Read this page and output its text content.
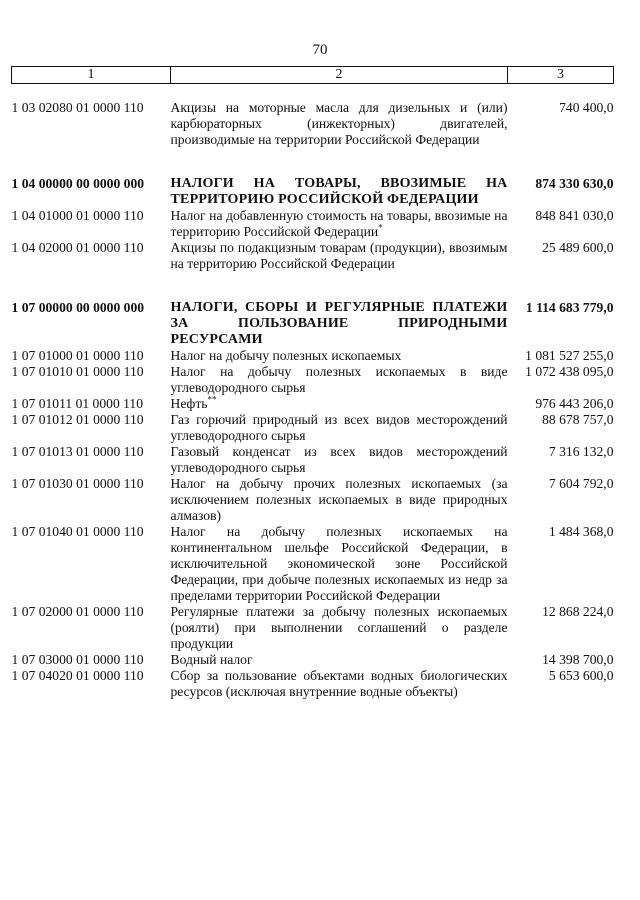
70
1	2	3

1 03 02080 01 0000 110	Акцизы на моторные масла для дизельных и (или) карбюраторных (инжекторных) двигателей, производимые на территории Российской Федерации	740 400,0

1 04 00000 00 0000 000	НАЛОГИ НА ТОВАРЫ, ВВОЗИМЫЕ НА ТЕРРИТОРИЮ РОССИЙСКОЙ ФЕДЕРАЦИИ	874 330 630,0
1 04 01000 01 0000 110	Налог на добавленную стоимость на товары, ввозимые на территорию Российской Федерации*	848 841 030,0
1 04 02000 01 0000 110	Акцизы по подакцизным товарам (продукции), ввозимым на территорию Российской Федерации	25 489 600,0

1 07 00000 00 0000 000	НАЛОГИ, СБОРЫ И РЕГУЛЯРНЫЕ ПЛАТЕЖИ ЗА ПОЛЬЗОВАНИЕ ПРИРОДНЫМИ РЕСУРСАМИ	1 114 683 779,0
1 07 01000 01 0000 110	Налог на добычу полезных ископаемых	1 081 527 255,0
1 07 01010 01 0000 110	Налог на добычу полезных ископаемых в виде углеводородного сырья	1 072 438 095,0
1 07 01011 01 0000 110	Нефть**	976 443 206,0
1 07 01012 01 0000 110	Газ горючий природный из всех видов месторождений углеводородного сырья	88 678 757,0
1 07 01013 01 0000 110	Газовый конденсат из всех видов месторождений углеводородного сырья	7 316 132,0
1 07 01030 01 0000 110	Налог на добычу прочих полезных ископаемых (за исключением полезных ископаемых в виде природных алмазов)	7 604 792,0
1 07 01040 01 0000 110	Налог на добычу полезных ископаемых на континентальном шельфе Российской Федерации, в исключительной экономической зоне Российской Федерации, при добыче полезных ископаемых из недр за пределами территории Российской Федерации	1 484 368,0
1 07 02000 01 0000 110	Регулярные платежи за добычу полезных ископаемых (роялти) при выполнении соглашений о разделе продукции	12 868 224,0
1 07 03000 01 0000 110	Водный налог	14 398 700,0
1 07 04020 01 0000 110	Сбор за пользование объектами водных биологических ресурсов (исключая внутренние водные объекты)	5 653 600,0
